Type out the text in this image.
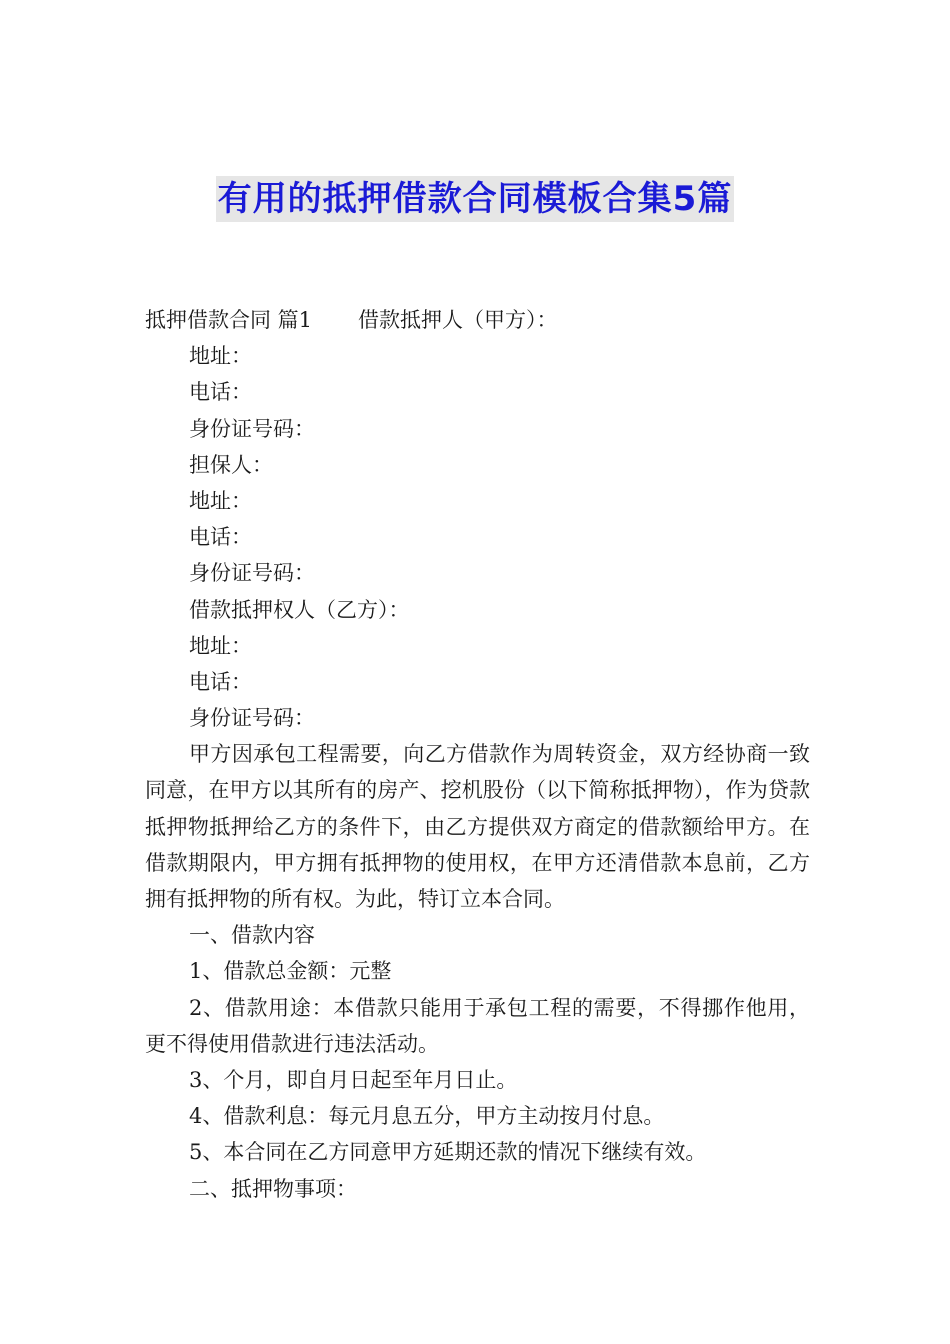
有用的抵押借款合同模板合集5篇
抵押借款合同 篇1 借款抵押人（甲方）：
地址：
电话：
身份证号码：
担保人：
地址：
电话：
身份证号码：
借款抵押权人（乙方）：
地址：
电话：
身份证号码：

甲方因承包工程需要，向乙方借款作为周转资金，双方经协商一致同意，在甲方以其所有的房产、挖机股份（以下简称抵押物），作为贷款抵押物抵押给乙方的条件下，由乙方提供双方商定的借款额给甲方。在借款期限内，甲方拥有抵押物的使用权，在甲方还清借款本息前，乙方拥有抵押物的所有权。为此，特订立本合同。

一、借款内容
1、借款总金额：元整

2、借款用途：本借款只能用于承包工程的需要，不得挪作他用，更不得使用借款进行违法活动。

3、个月，即自月日起至年月日止。
4、借款利息：每元月息五分，甲方主动按月付息。
5、本合同在乙方同意甲方延期还款的情况下继续有效。
二、抵押物事项：
